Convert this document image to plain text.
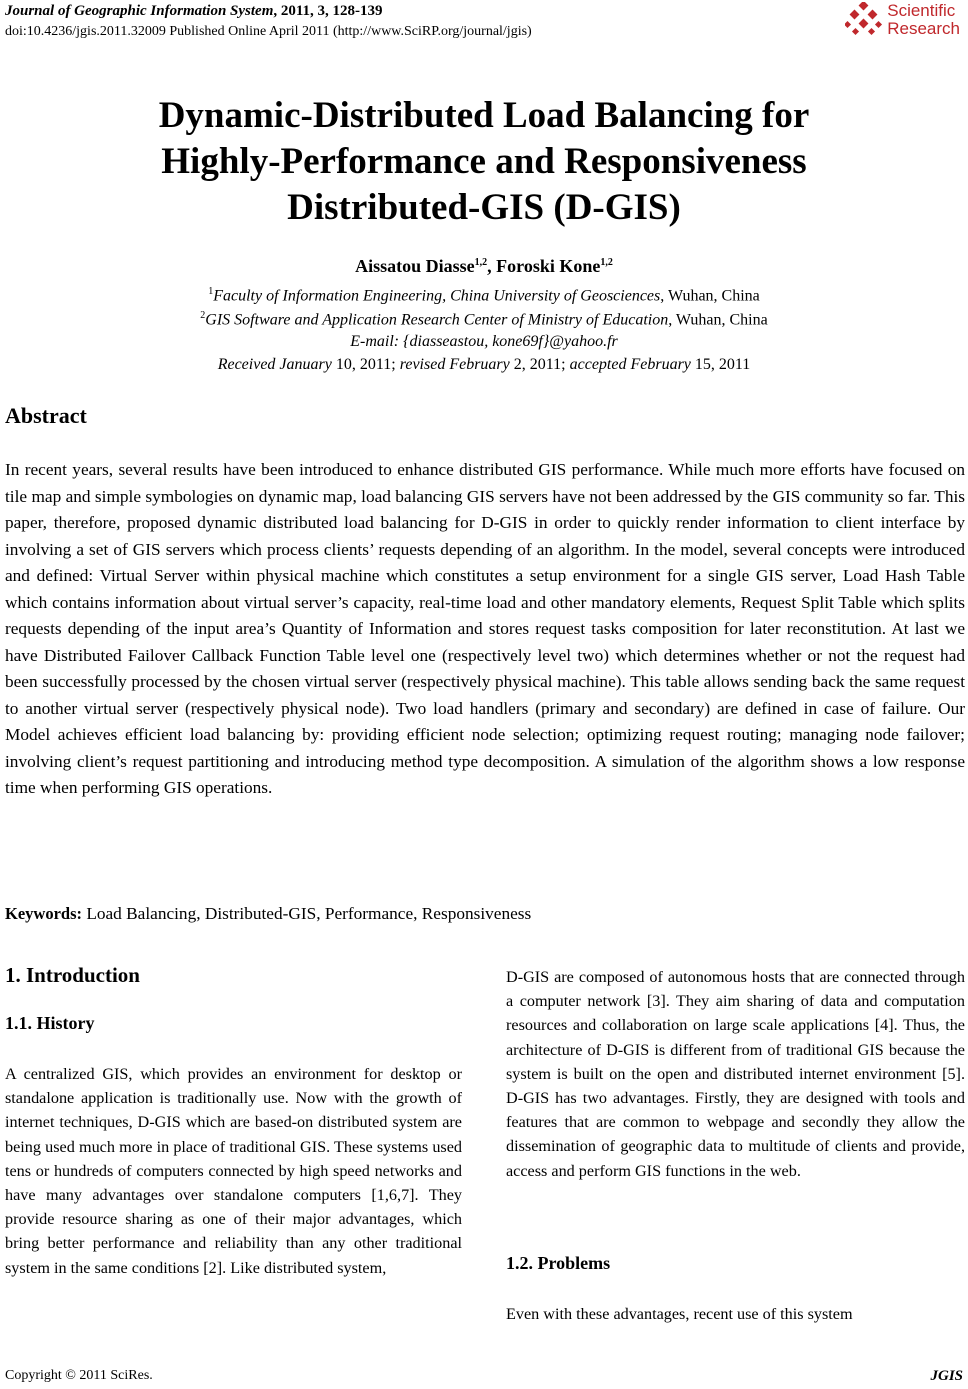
Journal of Geographic Information System, 2011, 3, 128-139
doi:10.4236/jgis.2011.32009 Published Online April 2011 (http://www.SciRP.org/journal/jgis)
Scientific
Research
Dynamic-Distributed Load Balancing for
Highly-Performance and Responsiveness
Distributed-GIS (D-GIS)
Aissatou Diasse$^{1,2}$, Foroski Kone$^{1,2}$
$^1$Faculty of Information Engineering, China University of Geosciences, Wuhan, China
$^2$GIS Software and Application Research Center of Ministry of Education, Wuhan, China
E-mail: {diasseastou, kone69f}@yahoo.fr
Received January 10, 2011; revised February 2, 2011; accepted February 15, 2011
Abstract
In recent years, several results have been introduced to enhance distributed GIS performance. While much more efforts have focused on tile map and simple symbologies on dynamic map, load balancing GIS servers have not been addressed by the GIS community so far. This paper, therefore, proposed dynamic distributed load balancing for D-GIS in order to quickly render information to client interface by involving a set of GIS servers which process clients’ requests depending of an algorithm. In the model, several concepts were introduced and defined: Virtual Server within physical machine which constitutes a setup environment for a single GIS server, Load Hash Table which contains information about virtual server’s capacity, real-time load and other mandatory elements, Request Split Table which splits requests depending of the input area’s Quantity of Information and stores request tasks composition for later reconstitution. At last we have Distributed Failover Callback Function Table level one (respectively level two) which determines whether or not the request had been successfully processed by the chosen virtual server (respectively physical machine). This table allows sending back the same request to another virtual server (respectively physical node). Two load handlers (primary and secondary) are defined in case of failure. Our Model achieves efficient load balancing by: providing efficient node selection; optimizing request routing; managing node failover; involving client’s request partitioning and introducing method type decomposition. A simulation of the algorithm shows a low response time when performing GIS operations.
Keywords: Load Balancing, Distributed-GIS, Performance, Responsiveness
1. Introduction
1.1. History
A centralized GIS, which provides an environment for desktop or standalone application is traditionally use. Now with the growth of internet techniques, D-GIS which are based-on distributed system are being used much more in place of traditional GIS. These systems used tens or hundreds of computers connected by high speed networks and have many advantages over standalone computers [1,6,7]. They provide resource sharing as one of their major advantages, which bring better performance and reliability than any other traditional system in the same conditions [2]. Like distributed system,
D-GIS are composed of autonomous hosts that are connected through a computer network [3]. They aim sharing of data and computation resources and collaboration on large scale applications [4]. Thus, the architecture of D-GIS is different from of traditional GIS because the system is built on the open and distributed internet environment [5]. D-GIS has two advantages. Firstly, they are designed with tools and features that are common to webpage and secondly they allow the dissemination of geographic data to multitude of clients and provide, access and perform GIS functions in the web.
1.2. Problems
Even with these advantages, recent use of this system
Copyright © 2011 SciRes.	JGIS
